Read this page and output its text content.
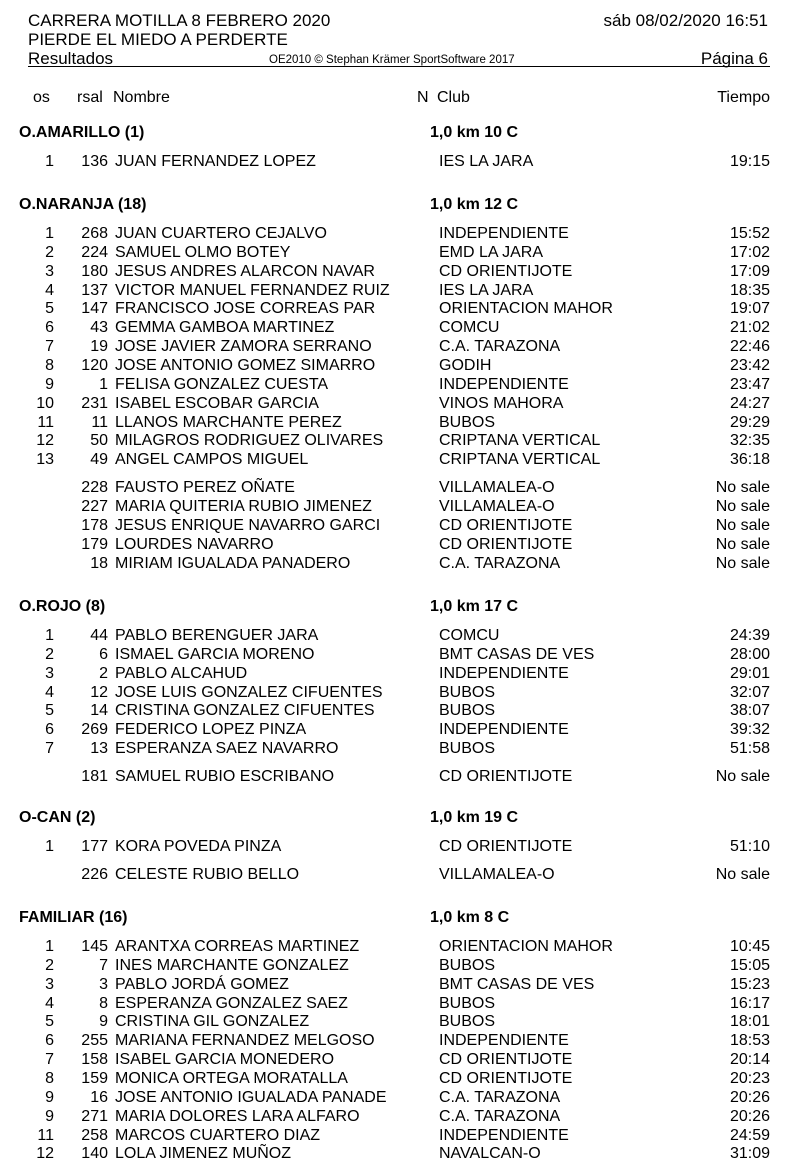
CARRERA MOTILLA 8 FEBRERO 2020
PIERDE EL MIEDO A PERDERTE
Resultados
sáb 08/02/2020 16:51
OE2010 © Stephan Krämer SportSoftware 2017	Página 6
os rsal Nombre	N Club	Tiempo
O.AMARILLO (1)	1,0 km 10 C
1 136 JUAN FERNANDEZ LOPEZ	IES LA JARA	19:15
O.NARANJA (18)	1,0 km 12 C
1 268 JUAN CUARTERO CEJALVO	INDEPENDIENTE	15:52
2 224 SAMUEL OLMO BOTEY	EMD LA JARA	17:02
3 180 JESUS ANDRES ALARCON NAVAR	CD ORIENTIJOTE	17:09
4 137 VICTOR MANUEL FERNANDEZ RUIZ	IES LA JARA	18:35
5 147 FRANCISCO JOSE CORREAS PAR	ORIENTACION MAHOR	19:07
6 43 GEMMA GAMBOA MARTINEZ	COMCU	21:02
7 19 JOSE JAVIER ZAMORA SERRANO	C.A. TARAZONA	22:46
8 120 JOSE ANTONIO GOMEZ SIMARRO	GODIH	23:42
9	1 FELISA GONZALEZ CUESTA	INDEPENDIENTE	23:47
10 231 ISABEL ESCOBAR GARCIA	VINOS MAHORA	24:27
11 11 LLANOS MARCHANTE PEREZ	BUBOS	29:29
12 50 MILAGROS RODRIGUEZ OLIVARES	CRIPTANA VERTICAL	32:35
13 49 ANGEL CAMPOS MIGUEL	CRIPTANA VERTICAL	36:18
228 FAUSTO PEREZ OÑATE	VILLAMALEA-O	No sale
227 MARIA QUITERIA RUBIO JIMENEZ	VILLAMALEA-O	No sale
178 JESUS ENRIQUE NAVARRO GARCI	CD ORIENTIJOTE	No sale
179 LOURDES NAVARRO	CD ORIENTIJOTE	No sale
18 MIRIAM IGUALADA PANADERO	C.A. TARAZONA	No sale
O.ROJO (8)	1,0 km 17 C
1 44 PABLO BERENGUER JARA	COMCU	24:39
2	6 ISMAEL GARCIA MORENO	BMT CASAS DE VES	28:00
3	2 PABLO ALCAHUD	INDEPENDIENTE	29:01
4 12 JOSE LUIS GONZALEZ CIFUENTES	BUBOS	32:07
5 14 CRISTINA GONZALEZ CIFUENTES	BUBOS	38:07
6 269 FEDERICO LOPEZ PINZA	INDEPENDIENTE	39:32
7 13 ESPERANZA SAEZ NAVARRO	BUBOS	51:58
181 SAMUEL RUBIO ESCRIBANO	CD ORIENTIJOTE	No sale
O-CAN (2)	1,0 km 19 C
1 177 KORA POVEDA PINZA	CD ORIENTIJOTE	51:10
226 CELESTE RUBIO BELLO	VILLAMALEA-O	No sale
FAMILIAR (16)	1,0 km 8 C
1 145 ARANTXA CORREAS MARTINEZ	ORIENTACION MAHOR	10:45
2	7 INES MARCHANTE GONZALEZ	BUBOS	15:05
3	3 PABLO JORDÁ GOMEZ	BMT CASAS DE VES	15:23
4	8 ESPERANZA GONZALEZ SAEZ	BUBOS	16:17
5	9 CRISTINA GIL GONZALEZ	BUBOS	18:01
6 255 MARIANA FERNANDEZ MELGOSO	INDEPENDIENTE	18:53
7 158 ISABEL GARCIA MONEDERO	CD ORIENTIJOTE	20:14
8 159 MONICA ORTEGA MORATALLA	CD ORIENTIJOTE	20:23
9 16 JOSE ANTONIO IGUALADA PANADE	C.A. TARAZONA	20:26
9 271 MARIA DOLORES LARA ALFARO	C.A. TARAZONA	20:26
11 258 MARCOS CUARTERO DIAZ	INDEPENDIENTE	24:59
12 140 LOLA JIMENEZ MUÑOZ	NAVALCAN-O	31:09
